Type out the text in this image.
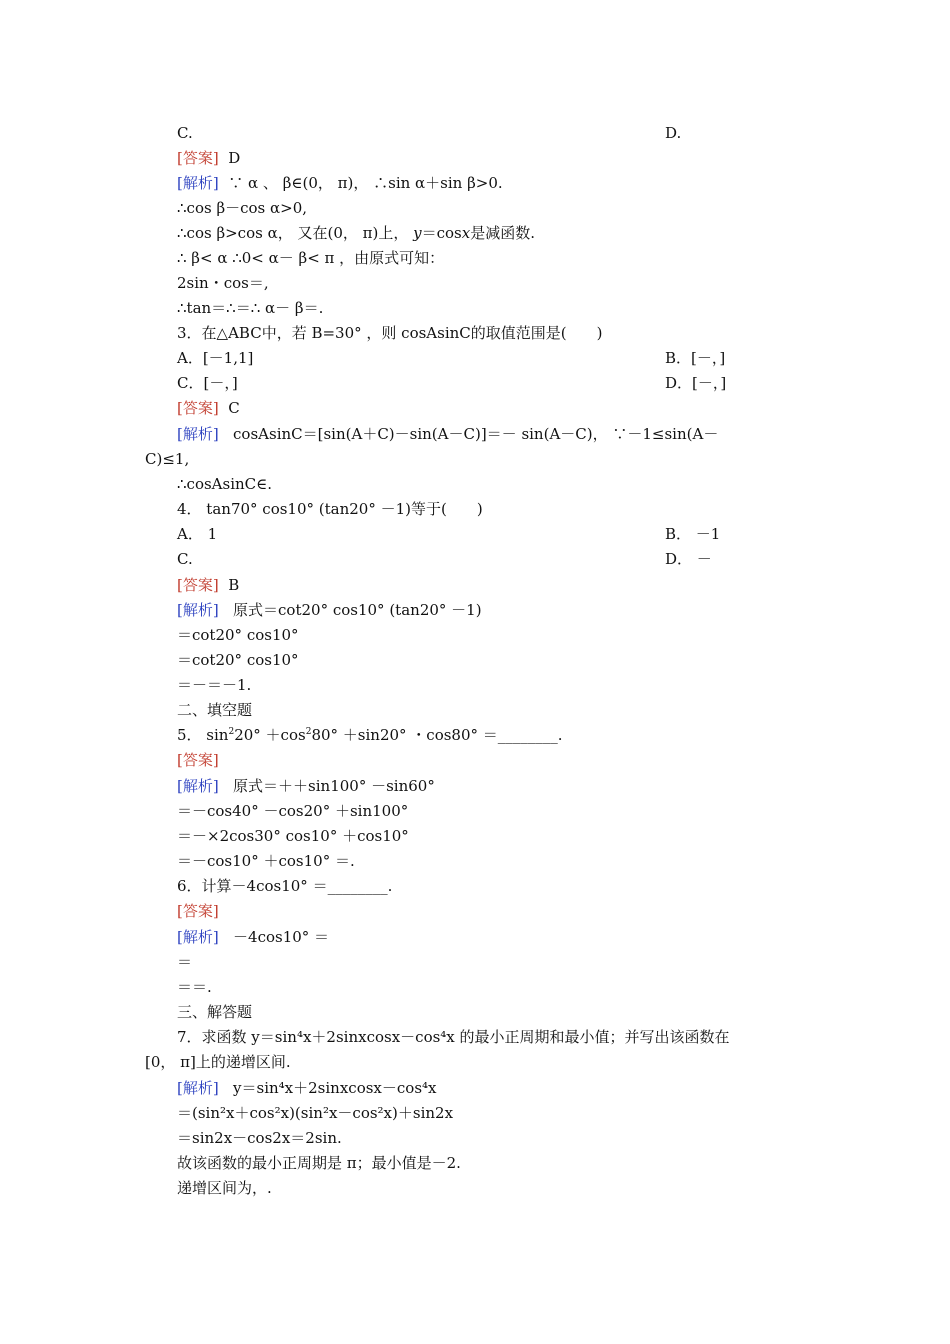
C.	D.
[答案] D
[解析] ∵ α 、 β∈(0， π)， ∴sin α＋sin β>0.
∴cos β－cos α>0,
∴cos β>cos α， 又在(0， π)上， y＝cosx是减函数.
∴ β< α ∴0< α－ β< π ，由原式可知：
2sin・cos＝,
∴tan＝∴＝∴ α－ β＝.
3．在△ABC中，若 B=30° ，则 cosAsinC的取值范围是(　　)
A．[－1,1]	B．[－，]
C．[－，]	D．[－，]
[答案] C
[解析] cosAsinC＝[sin(A＋C)－sin(A－C)]＝－ sin(A－C)， ∵－1≤sin(A－
C)≤1,
∴cosAsinC∈.
4． tan70° cos10° (tan20° －1)等于(　　)
A． 1	B． －1
C.	D． －
[答案] B
[解析] 原式＝cot20° cos10° (tan20° －1)
＝cot20° cos10°
＝cot20° cos10°
＝－＝－1.
二、填空题
5． $\sin^220^\circ +\cos^280^\circ +\sin 20^\circ$ ・cos80° ＝________.
[答案]
[解析] 原式＝＋＋sin100° －sin60°
＝－cos40° －cos20° ＋sin100°
＝－×2cos30° cos10° ＋cos10°
＝－cos10° ＋cos10° ＝.
6．计算－4cos10° ＝________.
[答案]
[解析] －4cos10° ＝
＝
＝＝.
三、解答题
7．求函数 y＝sin⁴x＋2sinxcosx－cos⁴x 的最小正周期和最小值；并写出该函数在
[0， π]上的递增区间.
[解析] y＝sin⁴x＋2sinxcosx－cos⁴x
＝(sin²x＋cos²x)(sin²x－cos²x)＋sin2x
＝sin2x－cos2x＝2sin.
故该函数的最小正周期是 π；最小值是－2.
递增区间为，.
